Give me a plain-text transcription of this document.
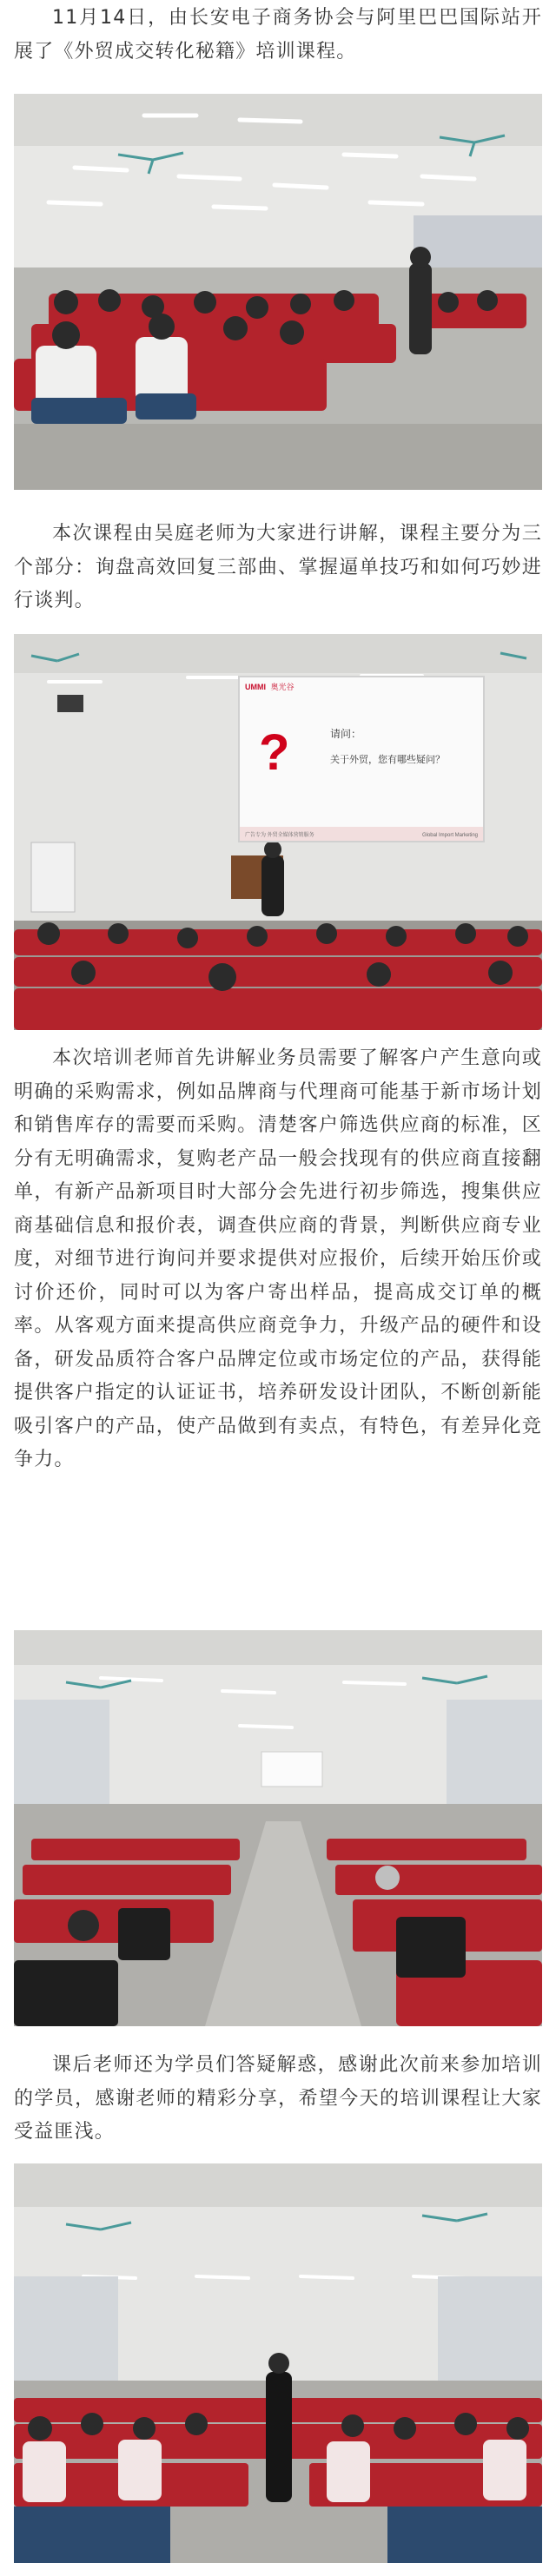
11月14日，由长安电子商务协会与阿里巴巴国际站开展了《外贸成交转化秘籍》培训课程。

本次课程由吴庭老师为大家进行讲解，课程主要分为三个部分：询盘高效回复三部曲、掌握逼单技巧和如何巧妙进行谈判。

UMMI 奥光谷
?	请问：
关于外贸，您有哪些疑问？
广告专为 外贸全媒体营销服务	Global Import Marketing

本次培训老师首先讲解业务员需要了解客户产生意向或明确的采购需求，例如品牌商与代理商可能基于新市场计划和销售库存的需要而采购。清楚客户筛选供应商的标准，区分有无明确需求，复购老产品一般会找现有的供应商直接翻单，有新产品新项目时大部分会先进行初步筛选，搜集供应商基础信息和报价表，调查供应商的背景，判断供应商专业度，对细节进行询问并要求提供对应报价，后续开始压价或讨价还价，同时可以为客户寄出样品，提高成交订单的概率。从客观方面来提高供应商竞争力，升级产品的硬件和设备，研发品质符合客户品牌定位或市场定位的产品，获得能提供客户指定的认证证书，培养研发设计团队，不断创新能吸引客户的产品，使产品做到有卖点，有特色，有差异化竞争力。

课后老师还为学员们答疑解惑，感谢此次前来参加培训的学员，感谢老师的精彩分享，希望今天的培训课程让大家受益匪浅。
